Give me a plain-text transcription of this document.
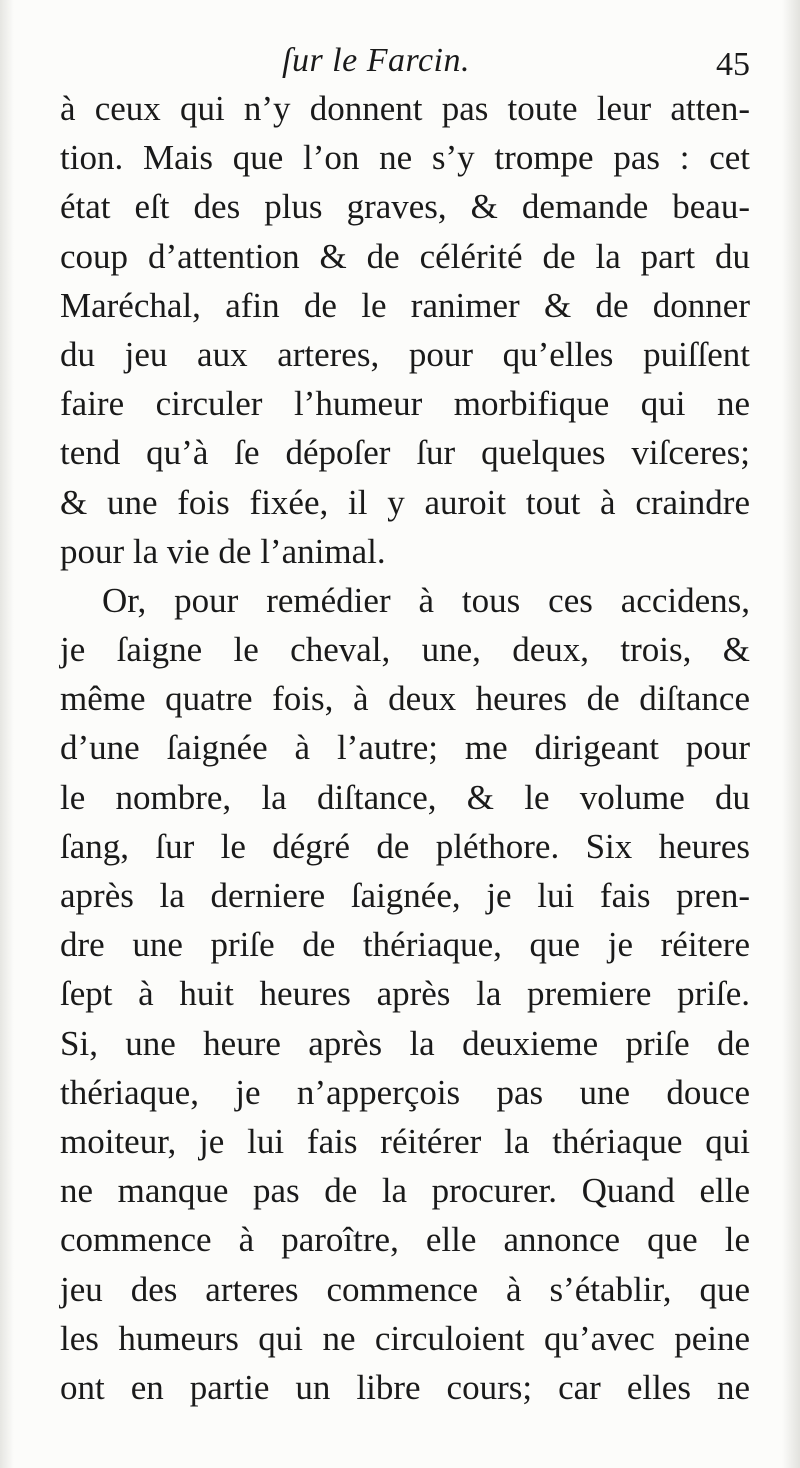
ſur le Farcin.	45
à ceux qui n’y donnent pas toute leur atten-
tion. Mais que l’on ne s’y trompe pas : cet
état eſt des plus graves, & demande beau-
coup d’attention & de célérité de la part du
Maréchal, afin de le ranimer & de donner
du jeu aux arteres, pour qu’elles puiſſent
faire circuler l’humeur morbifique qui ne
tend qu’à ſe dépoſer ſur quelques viſceres;
& une fois fixée, il y auroit tout à craindre
pour la vie de l’animal.
Or, pour remédier à tous ces accidens,
je ſaigne le cheval, une, deux, trois, &
même quatre fois, à deux heures de diſtance
d’une ſaignée à l’autre; me dirigeant pour
le nombre, la diſtance, & le volume du
ſang, ſur le dégré de pléthore. Six heures
après la derniere ſaignée, je lui fais pren-
dre une priſe de thériaque, que je réitere
ſept à huit heures après la premiere priſe.
Si, une heure après la deuxieme priſe de
thériaque, je n’apperçois pas une douce
moiteur, je lui fais réitérer la thériaque qui
ne manque pas de la procurer. Quand elle
commence à paroître, elle annonce que le
jeu des arteres commence à s’établir, que
les humeurs qui ne circuloient qu’avec peine
ont en partie un libre cours; car elles ne
